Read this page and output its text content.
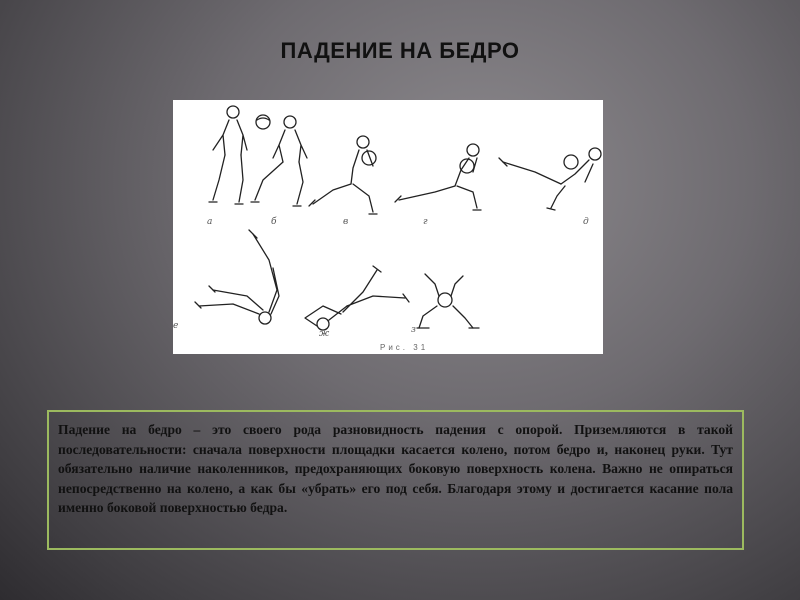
ПАДЕНИЕ НА БЕДРО
а	б	в	г	д
е
ж	з
Рис. 31

Падение на бедро – это своего рода разновидность падения с опорой. Приземляются в такой последовательности: сначала поверхности площадки касается колено, потом бедро и, наконец руки. Тут обязательно наличие наколенников, предохраняющих боковую поверхность колена. Важно не опираться непосредственно на колено, а как бы «убрать» его под себя. Благодаря этому и достигается касание пола именно боковой поверхностью бедра.
